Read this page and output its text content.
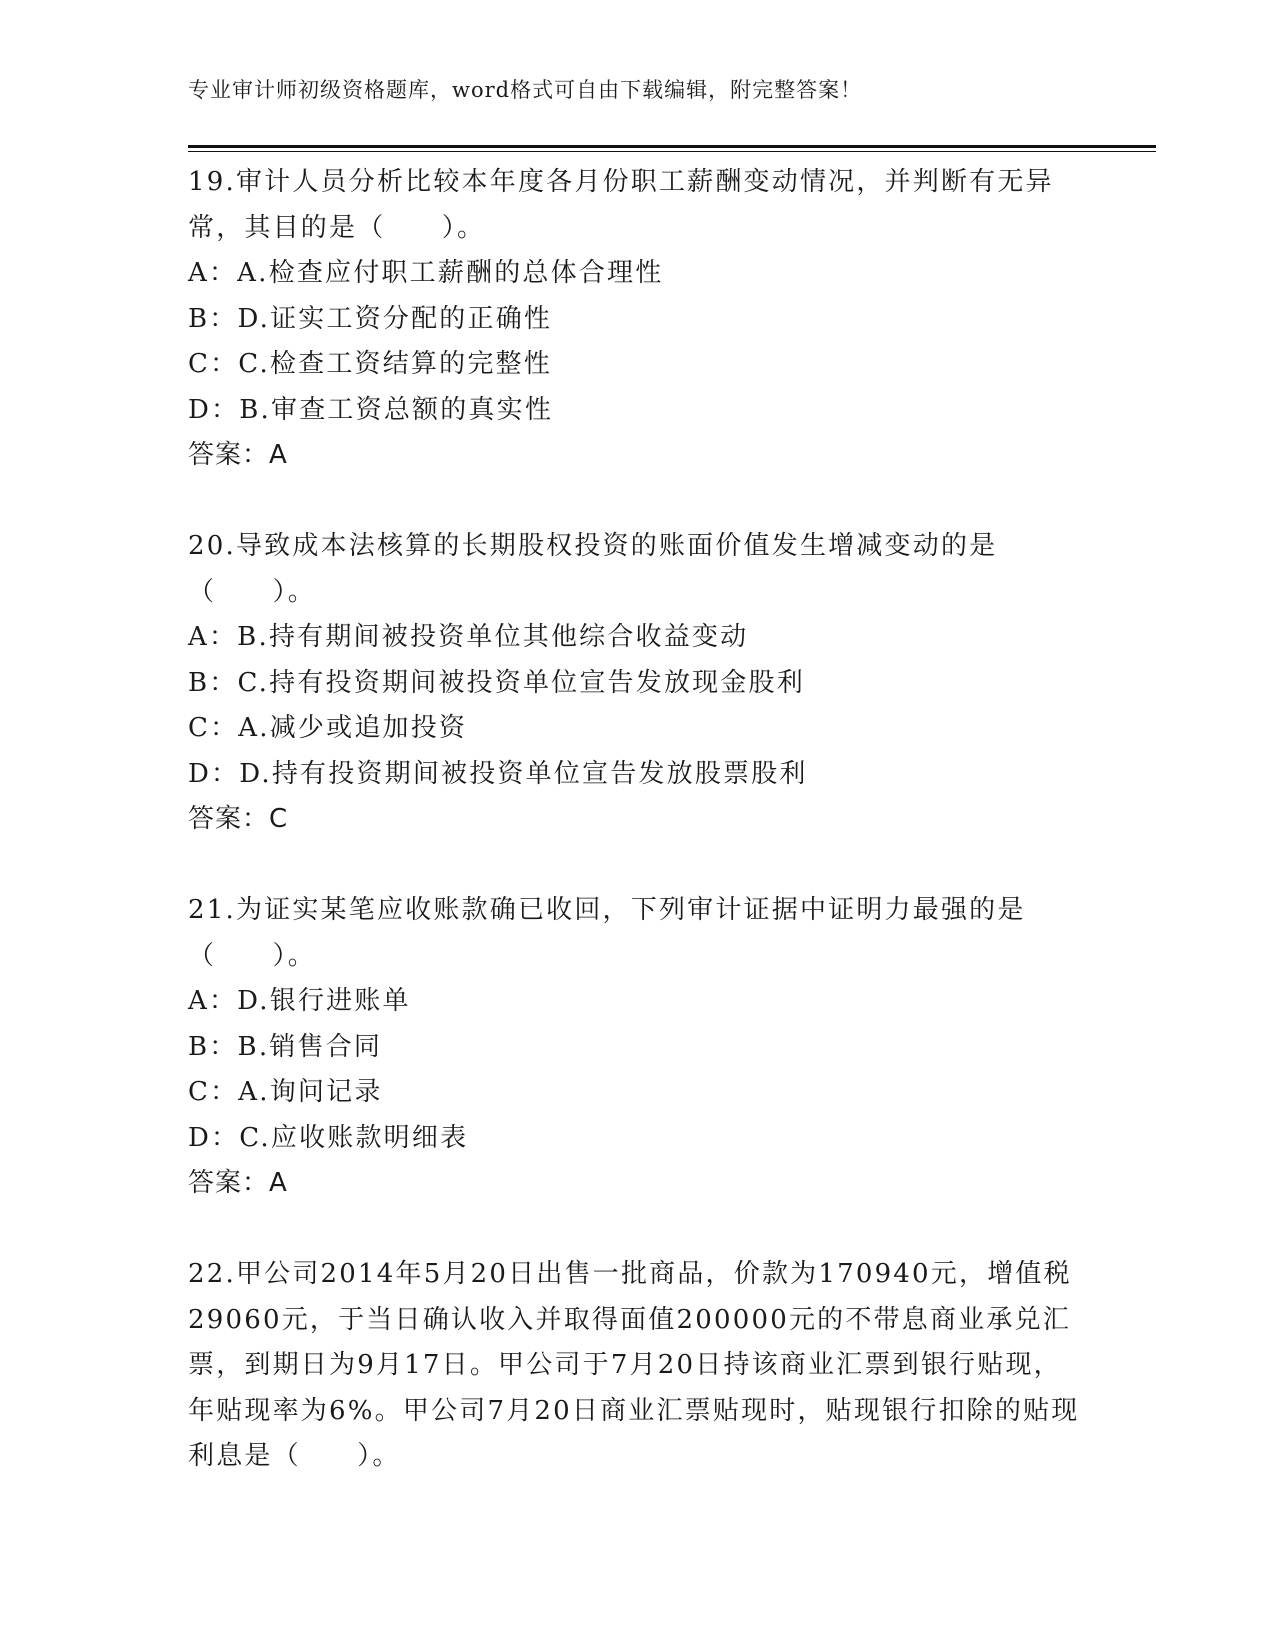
专业审计师初级资格题库，word格式可自由下载编辑，附完整答案！

19.审计人员分析比较本年度各月份职工薪酬变动情况，并判断有无异常，其目的是（　　）。

A：A.检查应付职工薪酬的总体合理性

B：D.证实工资分配的正确性

C：C.检查工资结算的完整性

D：B.审查工资总额的真实性

答案：A

20.导致成本法核算的长期股权投资的账面价值发生增减变动的是（　　）。

A：B.持有期间被投资单位其他综合收益变动

B：C.持有投资期间被投资单位宣告发放现金股利

C：A.减少或追加投资

D：D.持有投资期间被投资单位宣告发放股票股利

答案：C

21.为证实某笔应收账款确已收回，下列审计证据中证明力最强的是（　　）。

A：D.银行进账单

B：B.销售合同

C：A.询问记录

D：C.应收账款明细表

答案：A

22.甲公司2014年5月20日出售一批商品，价款为170940元，增值税29060元，于当日确认收入并取得面值200000元的不带息商业承兑汇票，到期日为9月17日。甲公司于7月20日持该商业汇票到银行贴现，年贴现率为6%。甲公司7月20日商业汇票贴现时，贴现银行扣除的贴现利息是（　　）。
